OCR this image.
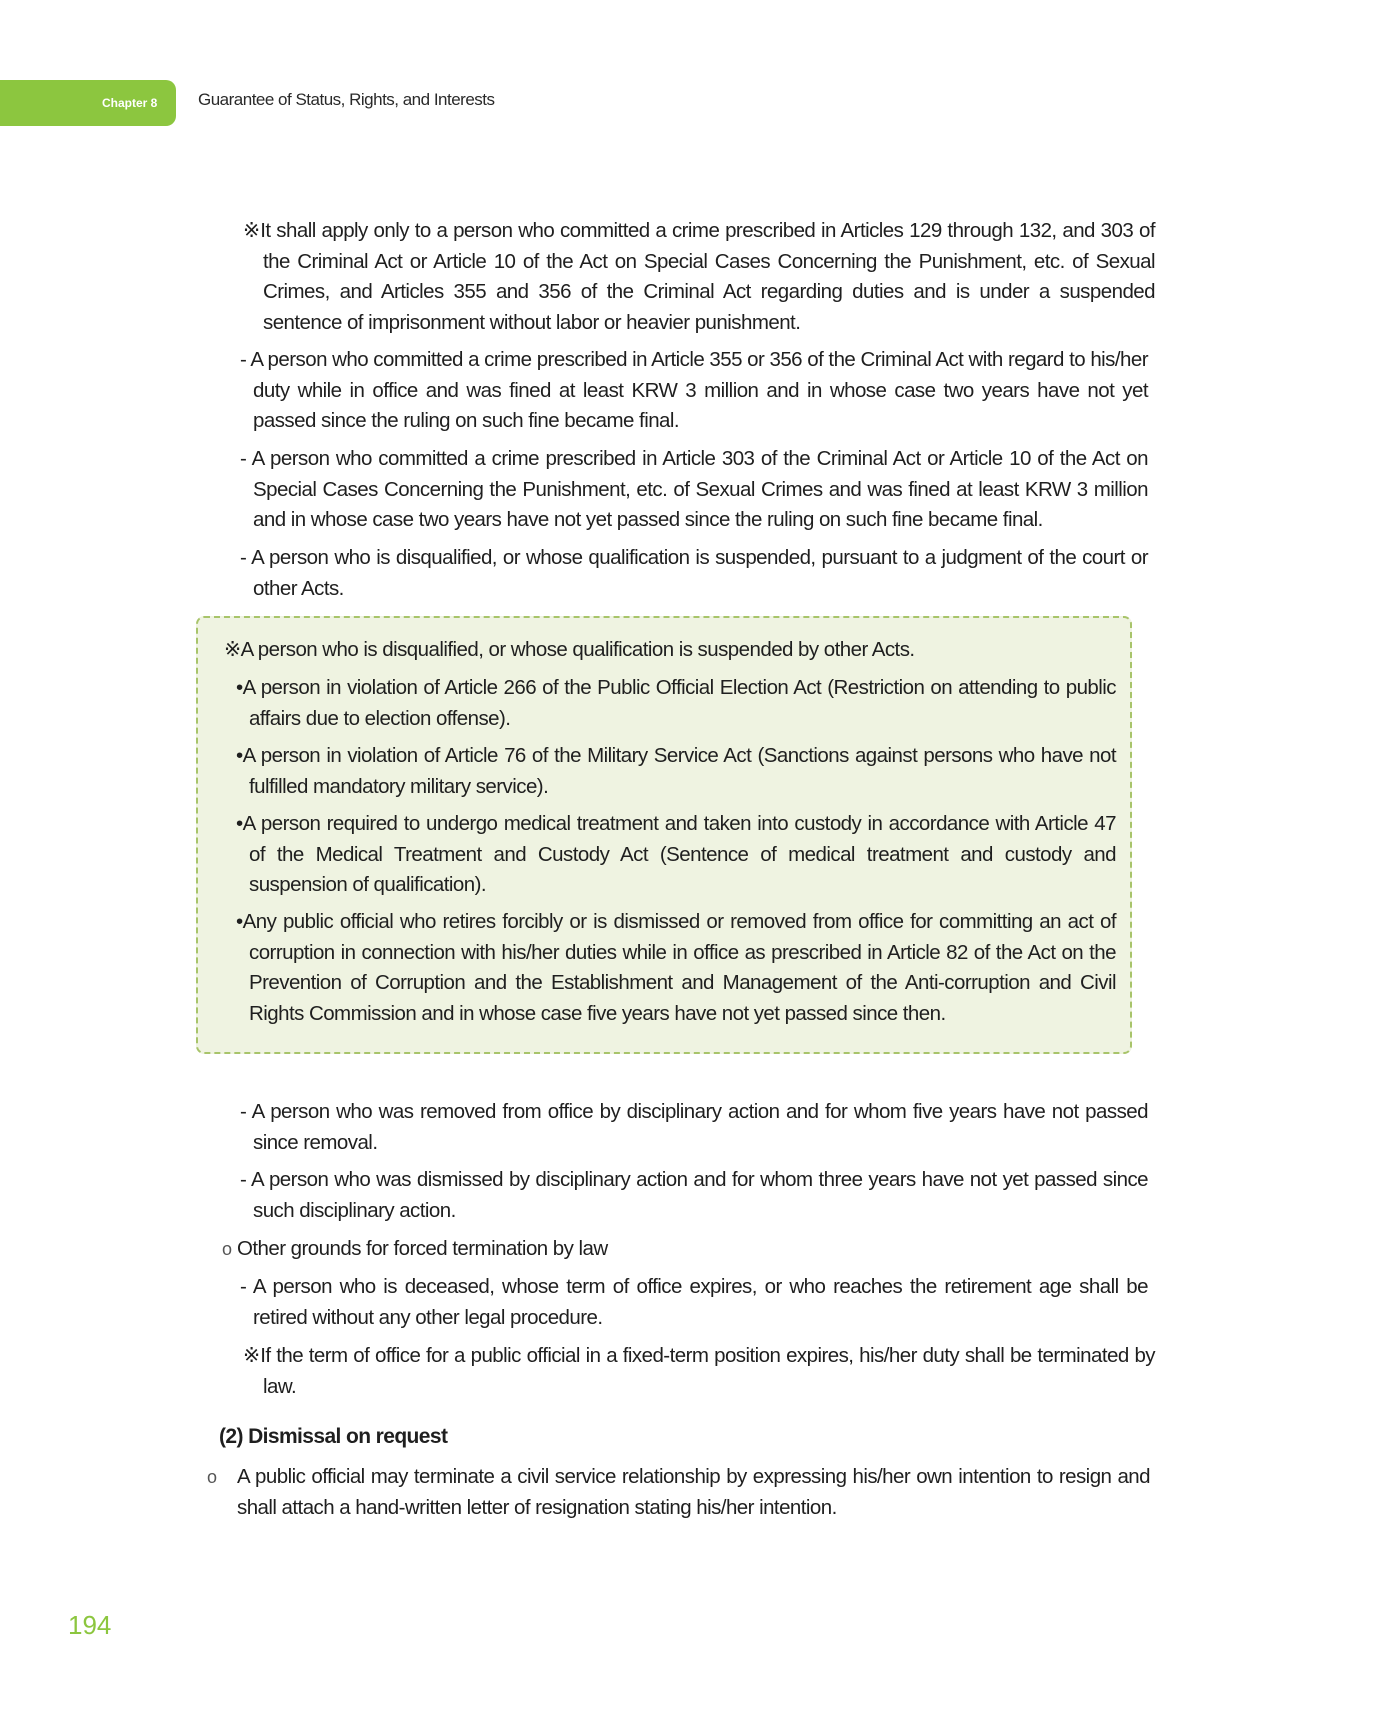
Chapter 8	Guarantee of Status, Rights, and Interests

※It shall apply only to a person who committed a crime prescribed in Articles 129 through 132, and 303 of the Criminal Act or Article 10 of the Act on Special Cases Concerning the Punishment, etc. of Sexual Crimes, and Articles 355 and 356 of the Criminal Act regarding duties and is under a suspended sentence of imprisonment without labor or heavier punishment.

- A person who committed a crime prescribed in Article 355 or 356 of the Criminal Act with regard to his/her duty while in office and was fined at least KRW 3 million and in whose case two years have not yet passed since the ruling on such fine became final.

- A person who committed a crime prescribed in Article 303 of the Criminal Act or Article 10 of the Act on Special Cases Concerning the Punishment, etc. of Sexual Crimes and was fined at least KRW 3 million and in whose case two years have not yet passed since the ruling on such fine became final.

- A person who is disqualified, or whose qualification is suspended, pursuant to a judgment of the court or other Acts.

※A person who is disqualified, or whose qualification is suspended by other Acts.

•A person in violation of Article 266 of the Public Official Election Act (Restriction on attending to public affairs due to election offense).

•A person in violation of Article 76 of the Military Service Act (Sanctions against persons who have not fulfilled mandatory military service).

•A person required to undergo medical treatment and taken into custody in accordance with Article 47 of the Medical Treatment and Custody Act (Sentence of medical treatment and custody and suspension of qualification).

•Any public official who retires forcibly or is dismissed or removed from office for committing an act of corruption in connection with his/her duties while in office as prescribed in Article 82 of the Act on the Prevention of Corruption and the Establishment and Management of the Anti-corruption and Civil Rights Commission and in whose case five years have not yet passed since then.

- A person who was removed from office by disciplinary action and for whom five years have not passed since removal.

- A person who was dismissed by disciplinary action and for whom three years have not yet passed since such disciplinary action.

o Other grounds for forced termination by law

- A person who is deceased, whose term of office expires, or who reaches the retirement age shall be retired without any other legal procedure.

※If the term of office for a public official in a fixed-term position expires, his/her duty shall be terminated by law.

(2) Dismissal on request

o A public official may terminate a civil service relationship by expressing his/her own intention to resign and shall attach a hand-written letter of resignation stating his/her intention.

194
